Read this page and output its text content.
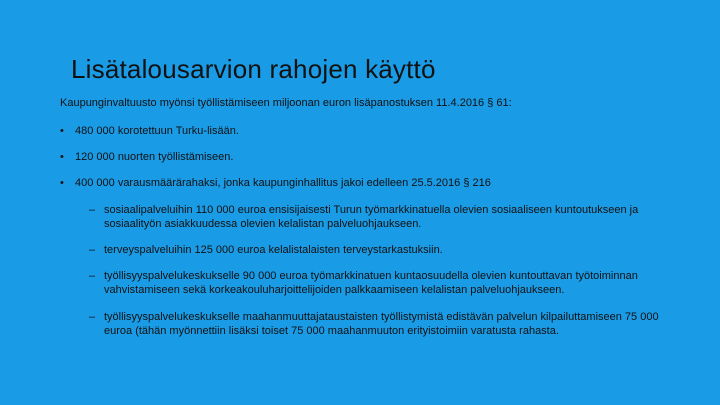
Lisätalousarvion rahojen käyttö
Kaupunginvaltuusto myönsi työllistämiseen miljoonan euron lisäpanostuksen 11.4.2016 § 61:
• 480 000 korotettuun Turku-lisään.
• 120 000 nuorten työllistämiseen.
• 400 000 varausmäärärahaksi, jonka kaupunginhallitus jakoi edelleen 25.5.2016 § 216
– sosiaalipalveluihin 110 000 euroa ensisijaisesti Turun työmarkkinatuella olevien sosiaaliseen kuntoutukseen ja sosiaalityön asiakkuudessa olevien kelalistan palveluohjaukseen.
– terveyspalveluihin 125 000 euroa kelalistalaisten terveystarkastuksiin.
– työllisyyspalvelukeskukselle 90 000 euroa työmarkkinatuen kuntaosuudella olevien kuntouttavan työtoiminnan vahvistamiseen sekä korkeakouluharjoittelijoiden palkkaamiseen kelalistan palveluohjaukseen.
– työllisyyspalvelukeskukselle maahanmuuttajataustaisten työllistymistä edistävän palvelun kilpailuttamiseen 75 000 euroa (tähän myönnettiin lisäksi toiset 75 000 maahanmuuton erityistoimiin varatusta rahasta.
